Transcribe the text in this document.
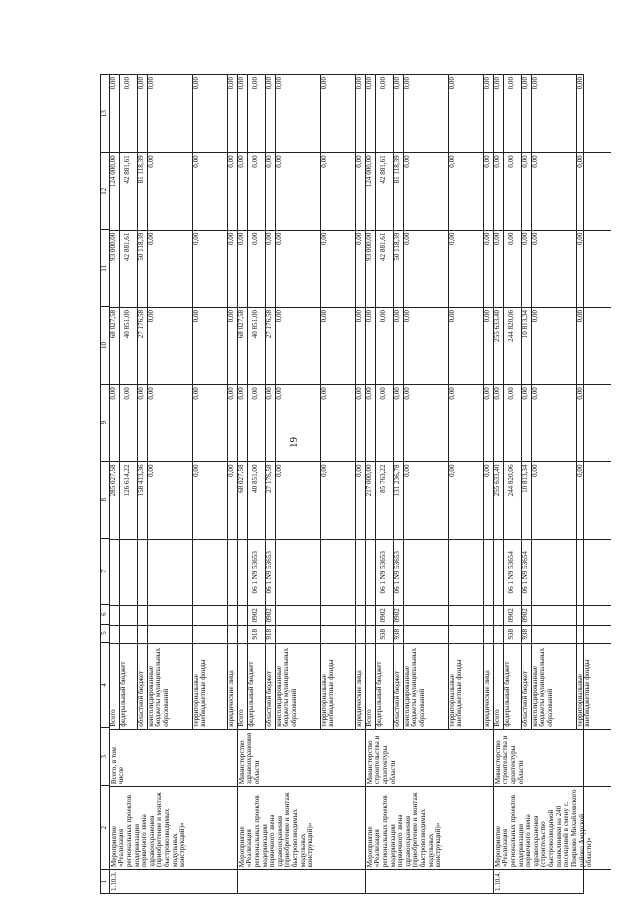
19
1
2
3
4
5
6
7
8
9
10
11
12
13
1.10.3.
Мероприятие «Реализация региональных проектов модернизации первичного звена здравоохранения (приобретение и монтаж быстровозводимых модульных конструкций)»
Всего, в том числе
Всего
285 027,58
0,00
68 027,58
93 000,00
124 000,00
0,00
федеральный бюджет
126 614,22
0,00
40 851,00
42 881,61
42 881,61
0,00
областной бюджет
158 413,36
0,00
27 176,58
50 118,39
81 118,39
0,00
консолидированные бюджеты муниципальных образований
0,00
0,00
0,00
0,00
0,00
0,00
территориальные внебюджетные фонды
0,00
0,00
0,00
0,00
0,00
0,00
юридические лица
0,00
0,00
0,00
0,00
0,00
0,00
Мероприятие «Реализация региональных проектов модернизации первичного звена здравоохранения (приобретение и монтаж быстровозводимых модульных конструкций)»
Министерство здравоохранения области
Всего
68 027,58
0,00
68 027,58
0,00
0,00
0,00
федеральный бюджет
918
0902
06 1 N9 53653
40 851,00
0,00
40 851,00
0,00
0,00
0,00
областной бюджет
918
0902
06 1 N9 53653
27 176,58
0,00
27 176,58
0,00
0,00
0,00
консолидированные бюджеты муниципальных образований
0,00
0,00
0,00
0,00
0,00
0,00
территориальные внебюджетные фонды
0,00
0,00
0,00
0,00
0,00
0,00
юридические лица
0,00
0,00
0,00
0,00
0,00
0,00
Мероприятие «Реализация региональных проектов модернизации первичного звена здравоохранения (приобретение и монтаж быстровозводимых модульных конструкций)»
Министерство строительства и архитектуры области
Всего
217 000,00
0,00
0,00
93 000,00
124 000,00
0,00
федеральный бюджет
938
0902
06 1 N9 53653
85 763,22
0,00
0,00
42 881,61
42 881,61
0,00
областной бюджет
938
0902
06 1 N9 53653
131 236,78
0,00
0,00
50 118,39
81 118,39
0,00
консолидированные бюджеты муниципальных образований
0,00
0,00
0,00
0,00
0,00
0,00
территориальные внебюджетные фонды
0,00
0,00
0,00
0,00
0,00
0,00
юридические лица
0,00
0,00
0,00
0,00
0,00
0,00
1.10.4.
Мероприятие «Реализация региональных проектов модернизации первичного звена здравоохранения (строительство быстровозводимой поликлиники на 240 посещений в смену с. Поярково Михайловского района Амурской области)»
Министерство строительства и архитектуры области
Всего
255 633,40
0,00
255 633,40
0,00
0,00
0,00
федеральный бюджет
938
0902
06 1 N9 53654
244 820,06
0,00
244 820,06
0,00
0,00
0,00
областной бюджет
938
0902
06 1 N9 53654
10 813,34
0,00
10 813,34
0,00
0,00
0,00
консолидированные бюджеты муниципальных образований
0,00
0,00
0,00
0,00
0,00
0,00
территориальные внебюджетные фонды
0,00
0,00
0,00
0,00
0,00
0,00
